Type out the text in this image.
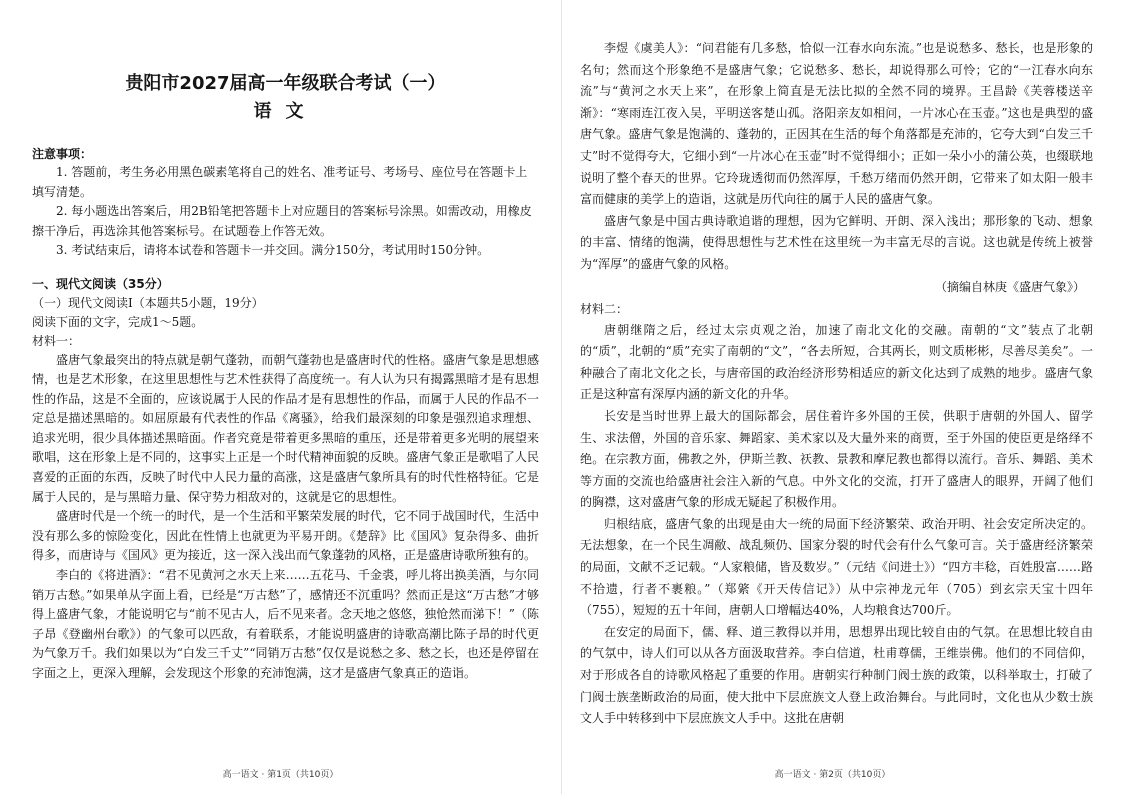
贵阳市2027届高一年级联合考试（一）
语文
注意事项：

1. 答题前，考生务必用黑色碳素笔将自己的姓名、准考证号、考场号、座位号在答题卡上填写清楚。

2. 每小题选出答案后，用2B铅笔把答题卡上对应题目的答案标号涂黑。如需改动，用橡皮擦干净后，再选涂其他答案标号。在试题卷上作答无效。

3. 考试结束后，请将本试卷和答题卡一并交回。满分150分，考试用时150分钟。

一、现代文阅读（35分）
（一）现代文阅读Ⅰ（本题共5小题，19分）
阅读下面的文字，完成1～5题。
材料一：

盛唐气象最突出的特点就是朝气蓬勃，而朝气蓬勃也是盛唐时代的性格。盛唐气象是思想感情，也是艺术形象，在这里思想性与艺术性获得了高度统一。有人认为只有揭露黑暗才是有思想性的作品，这是不全面的，应该说属于人民的作品才是有思想性的作品，而属于人民的作品不一定总是描述黑暗的。如屈原最有代表性的作品《离骚》，给我们最深刻的印象是强烈追求理想、追求光明，很少具体描述黑暗面。作者究竟是带着更多黑暗的重压，还是带着更多光明的展望来歌唱，这在形象上是不同的，这事实上正是一个时代精神面貌的反映。盛唐气象正是歌唱了人民喜爱的正面的东西，反映了时代中人民力量的高涨，这是盛唐气象所具有的时代性格特征。它是属于人民的，是与黑暗力量、保守势力相敌对的，这就是它的思想性。

盛唐时代是一个统一的时代，是一个生活和平繁荣发展的时代，它不同于战国时代，生活中没有那么多的惊险变化，因此在性情上也就更为平易开朗。《楚辞》比《国风》复杂得多、曲折得多，而唐诗与《国风》更为接近，这一深入浅出而气象蓬勃的风格，正是盛唐诗歌所独有的。

李白的《将进酒》：“君不见黄河之水天上来……五花马、千金裘，呼儿将出换美酒，与尔同销万古愁。”如果单从字面上看，已经是“万古愁”了，感情还不沉重吗？然而正是这“万古愁”才够得上盛唐气象，才能说明它与“前不见古人，后不见来者。念天地之悠悠，独怆然而涕下！”（陈子昂《登幽州台歌》）的气象可以匹敌，有着联系，才能说明盛唐的诗歌高潮比陈子昂的时代更为气象万千。我们如果以为“白发三千丈”“同销万古愁”仅仅是说愁之多、愁之长，也还是停留在字面之上，更深入理解，会发现这个形象的充沛饱满，这才是盛唐气象真正的造诣。

高一语文 · 第1页（共10页）

李煜《虞美人》：“问君能有几多愁，恰似一江春水向东流。”也是说愁多、愁长，也是形象的名句；然而这个形象绝不是盛唐气象；它说愁多、愁长，却说得那么可怜；它的“一江春水向东流”与“黄河之水天上来”，在形象上简直是无法比拟的全然不同的境界。王昌龄《芙蓉楼送辛渐》：“寒雨连江夜入吴，平明送客楚山孤。洛阳亲友如相问，一片冰心在玉壶。”这也是典型的盛唐气象。盛唐气象是饱满的、蓬勃的，正因其在生活的每个角落都是充沛的，它夸大到“白发三千丈”时不觉得夸大，它细小到“一片冰心在玉壶”时不觉得细小；正如一朵小小的蒲公英，也缀联地说明了整个春天的世界。它玲珑透彻而仍然浑厚，千愁万绪而仍然开朗，它带来了如太阳一般丰富而健康的美学上的造诣，这就是历代向往的属于人民的盛唐气象。

盛唐气象是中国古典诗歌追谐的理想，因为它鲜明、开朗、深入浅出；那形象的飞动、想象的丰富、情绪的饱满，使得思想性与艺术性在这里统一为丰富无尽的言说。这也就是传统上被誉为“浑厚”的盛唐气象的风格。

（摘编自林庚《盛唐气象》）
材料二：

唐朝继隋之后，经过太宗贞观之治，加速了南北文化的交融。南朝的“文”装点了北朝的“质”，北朝的“质”充实了南朝的“文”，“各去所短，合其两长，则文质彬彬，尽善尽美矣”。一种融合了南北文化之长，与唐帝国的政治经济形势相适应的新文化达到了成熟的地步。盛唐气象正是这种富有深厚内涵的新文化的升华。

长安是当时世界上最大的国际都会，居住着许多外国的王侯，供职于唐朝的外国人、留学生、求法僧，外国的音乐家、舞蹈家、美术家以及大量外来的商贾，至于外国的使臣更是络绎不绝。在宗教方面，佛教之外，伊斯兰教、祆教、景教和摩尼教也都得以流行。音乐、舞蹈、美术等方面的交流也给盛唐社会注入新的气息。中外文化的交流，打开了盛唐人的眼界，开阔了他们的胸襟，这对盛唐气象的形成无疑起了积极作用。

归根结底，盛唐气象的出现是由大一统的局面下经济繁荣、政治开明、社会安定所决定的。无法想象，在一个民生凋敝、战乱频仍、国家分裂的时代会有什么气象可言。关于盛唐经济繁荣的局面，文献不乏记载。“人家粮储，皆及数岁。”（元结《问进士》）“四方丰稔，百姓殷富……路不拾遗，行者不裹粮。”（郑綮《开天传信记》）从中宗神龙元年（705）到玄宗天宝十四年（755），短短的五十年间，唐朝人口增幅达40%，人均粮食达700斤。

在安定的局面下，儒、释、道三教得以并用，思想界出现比较自由的气氛。在思想比较自由的气氛中，诗人们可以从各方面汲取营养。李白信道，杜甫尊儒，王维崇佛。他们的不同信仰，对于形成各自的诗歌风格起了重要的作用。唐朝实行种制门阀士族的政策，以科举取士，打破了门阀士族垄断政治的局面，使大批中下层庶族文人登上政治舞台。与此同时，文化也从少数士族文人手中转移到中下层庶族文人手中。这批在唐朝

高一语文 · 第2页（共10页）
